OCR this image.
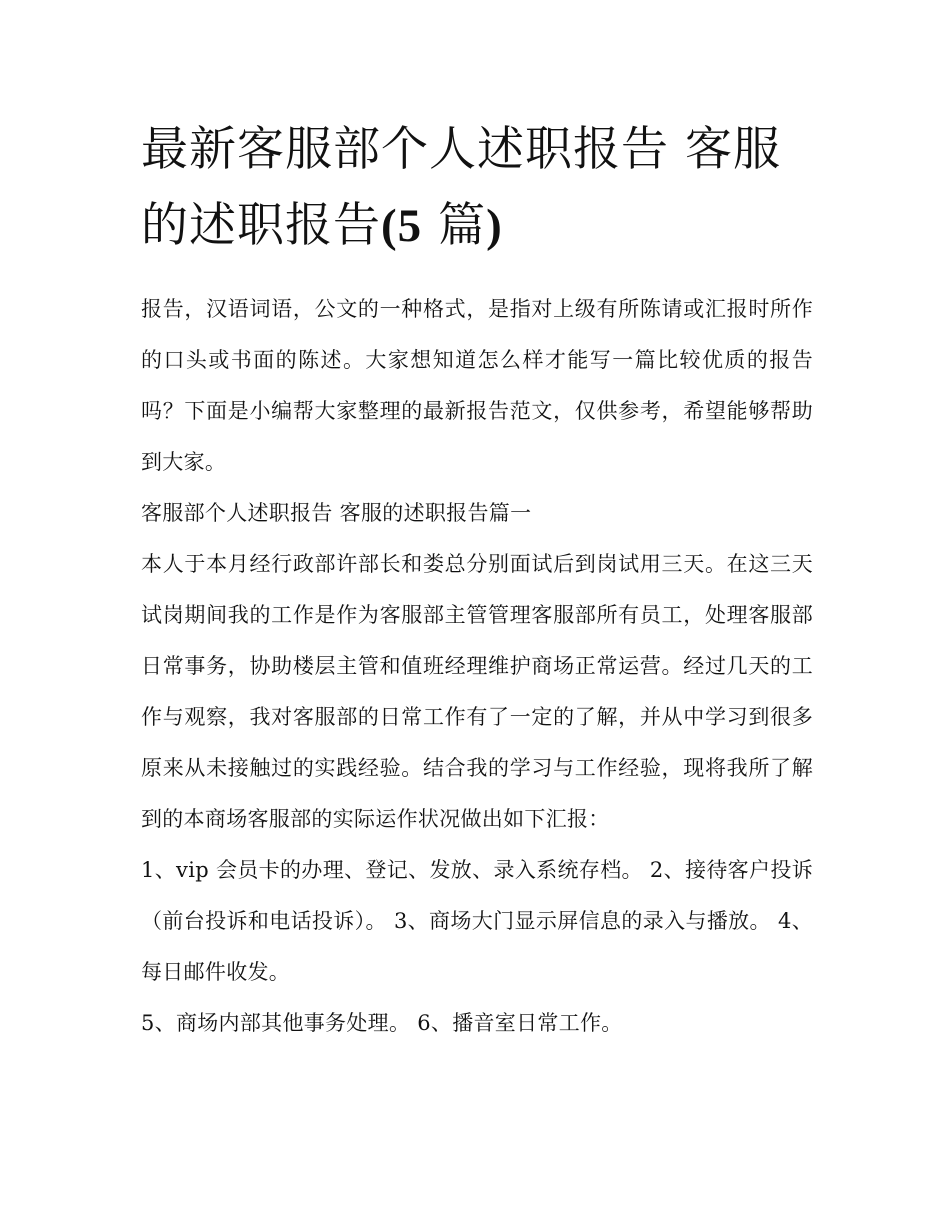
最新客服部个人述职报告 客服
的述职报告(5 篇)

报告，汉语词语，公文的一种格式，是指对上级有所陈请或汇报时所作的口头或书面的陈述。大家想知道怎么样才能写一篇比较优质的报告吗？下面是小编帮大家整理的最新报告范文，仅供参考，希望能够帮助到大家。

客服部个人述职报告 客服的述职报告篇一

本人于本月经行政部许部长和娄总分别面试后到岗试用三天。在这三天试岗期间我的工作是作为客服部主管管理客服部所有员工，处理客服部日常事务，协助楼层主管和值班经理维护商场正常运营。经过几天的工作与观察，我对客服部的日常工作有了一定的了解，并从中学习到很多原来从未接触过的实践经验。结合我的学习与工作经验，现将我所了解到的本商场客服部的实际运作状况做出如下汇报：

1、vip 会员卡的办理、登记、发放、录入系统存档。 2、接待客户投诉（前台投诉和电话投诉）。 3、商场大门显示屏信息的录入与播放。 4、每日邮件收发。

5、商场内部其他事务处理。 6、播音室日常工作。
